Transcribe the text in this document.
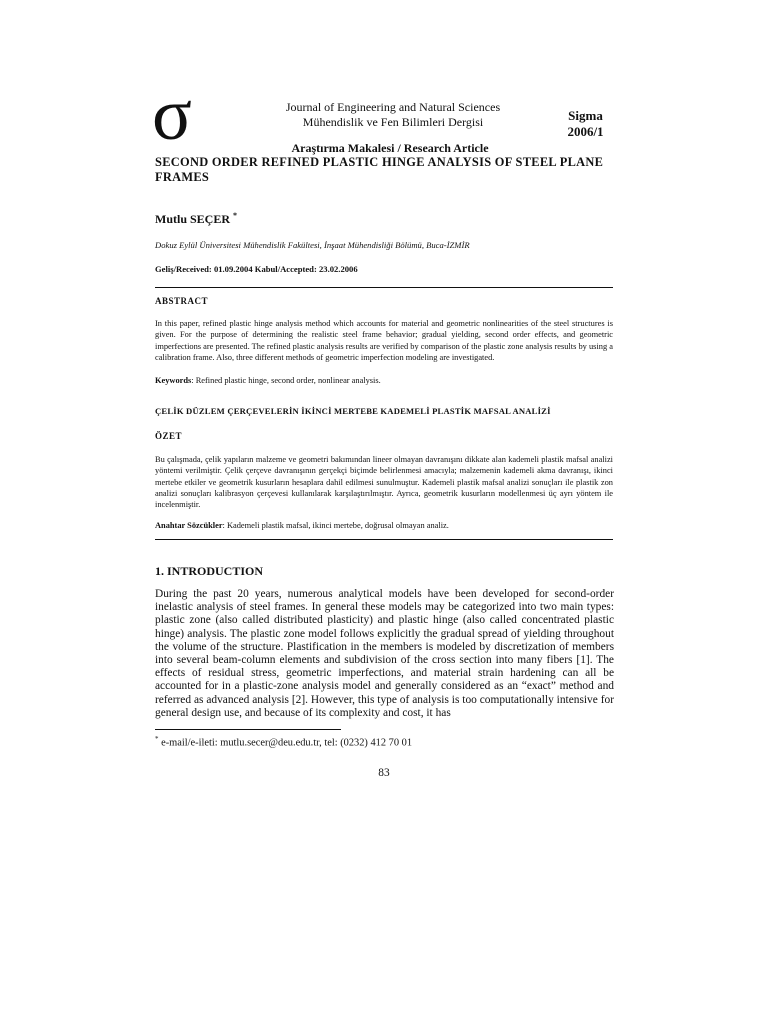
σ	Journal of Engineering and Natural Sciences
Mühendislik ve Fen Bilimleri Dergisi	Sigma
2006/1
Araştırma Makalesi / Research Article
SECOND ORDER REFINED PLASTIC HINGE ANALYSIS OF STEEL PLANE FRAMES
Mutlu SEÇER *
Dokuz Eylül Üniversitesi Mühendislik Fakültesi, İnşaat Mühendisliği Bölümü, Buca-İZMİR
Geliş/Received: 01.09.2004 Kabul/Accepted: 23.02.2006
ABSTRACT
In this paper, refined plastic hinge analysis method which accounts for material and geometric nonlinearities of the steel structures is given. For the purpose of determining the realistic steel frame behavior; gradual yielding, second order effects, and geometric imperfections are presented. The refined plastic analysis results are verified by comparison of the plastic zone analysis results by using a calibration frame. Also, three different methods of geometric imperfection modeling are investigated.
Keywords: Refined plastic hinge, second order, nonlinear analysis.
ÇELİK DÜZLEM ÇERÇEVELERİN İKİNCİ MERTEBE KADEMELİ PLASTİK MAFSAL ANALİZİ
ÖZET
Bu çalışmada, çelik yapıların malzeme ve geometri bakımından lineer olmayan davranışını dikkate alan kademeli plastik mafsal analizi yöntemi verilmiştir. Çelik çerçeve davranışının gerçekçi biçimde belirlenmesi amacıyla; malzemenin kademeli akma davranışı, ikinci mertebe etkiler ve geometrik kusurların hesaplara dahil edilmesi sunulmuştur. Kademeli plastik mafsal analizi sonuçları ile plastik zon analizi sonuçları kalibrasyon çerçevesi kullanılarak karşılaştırılmıştır. Ayrıca, geometrik kusurların modellenmesi üç ayrı yöntem ile incelenmiştir.
Anahtar Sözcükler: Kademeli plastik mafsal, ikinci mertebe, doğrusal olmayan analiz.
1. INTRODUCTION
During the past 20 years, numerous analytical models have been developed for second-order inelastic analysis of steel frames. In general these models may be categorized into two main types: plastic zone (also called distributed plasticity) and plastic hinge (also called concentrated plastic hinge) analysis. The plastic zone model follows explicitly the gradual spread of yielding throughout the volume of the structure. Plastification in the members is modeled by discretization of members into several beam-column elements and subdivision of the cross section into many fibers [1]. The effects of residual stress, geometric imperfections, and material strain hardening can all be accounted for in a plastic-zone analysis model and generally considered as an “exact” method and referred as advanced analysis [2]. However, this type of analysis is too computationally intensive for general design use, and because of its complexity and cost, it has
* e-mail/e-ileti: mutlu.secer@deu.edu.tr, tel: (0232) 412 70 01
83
